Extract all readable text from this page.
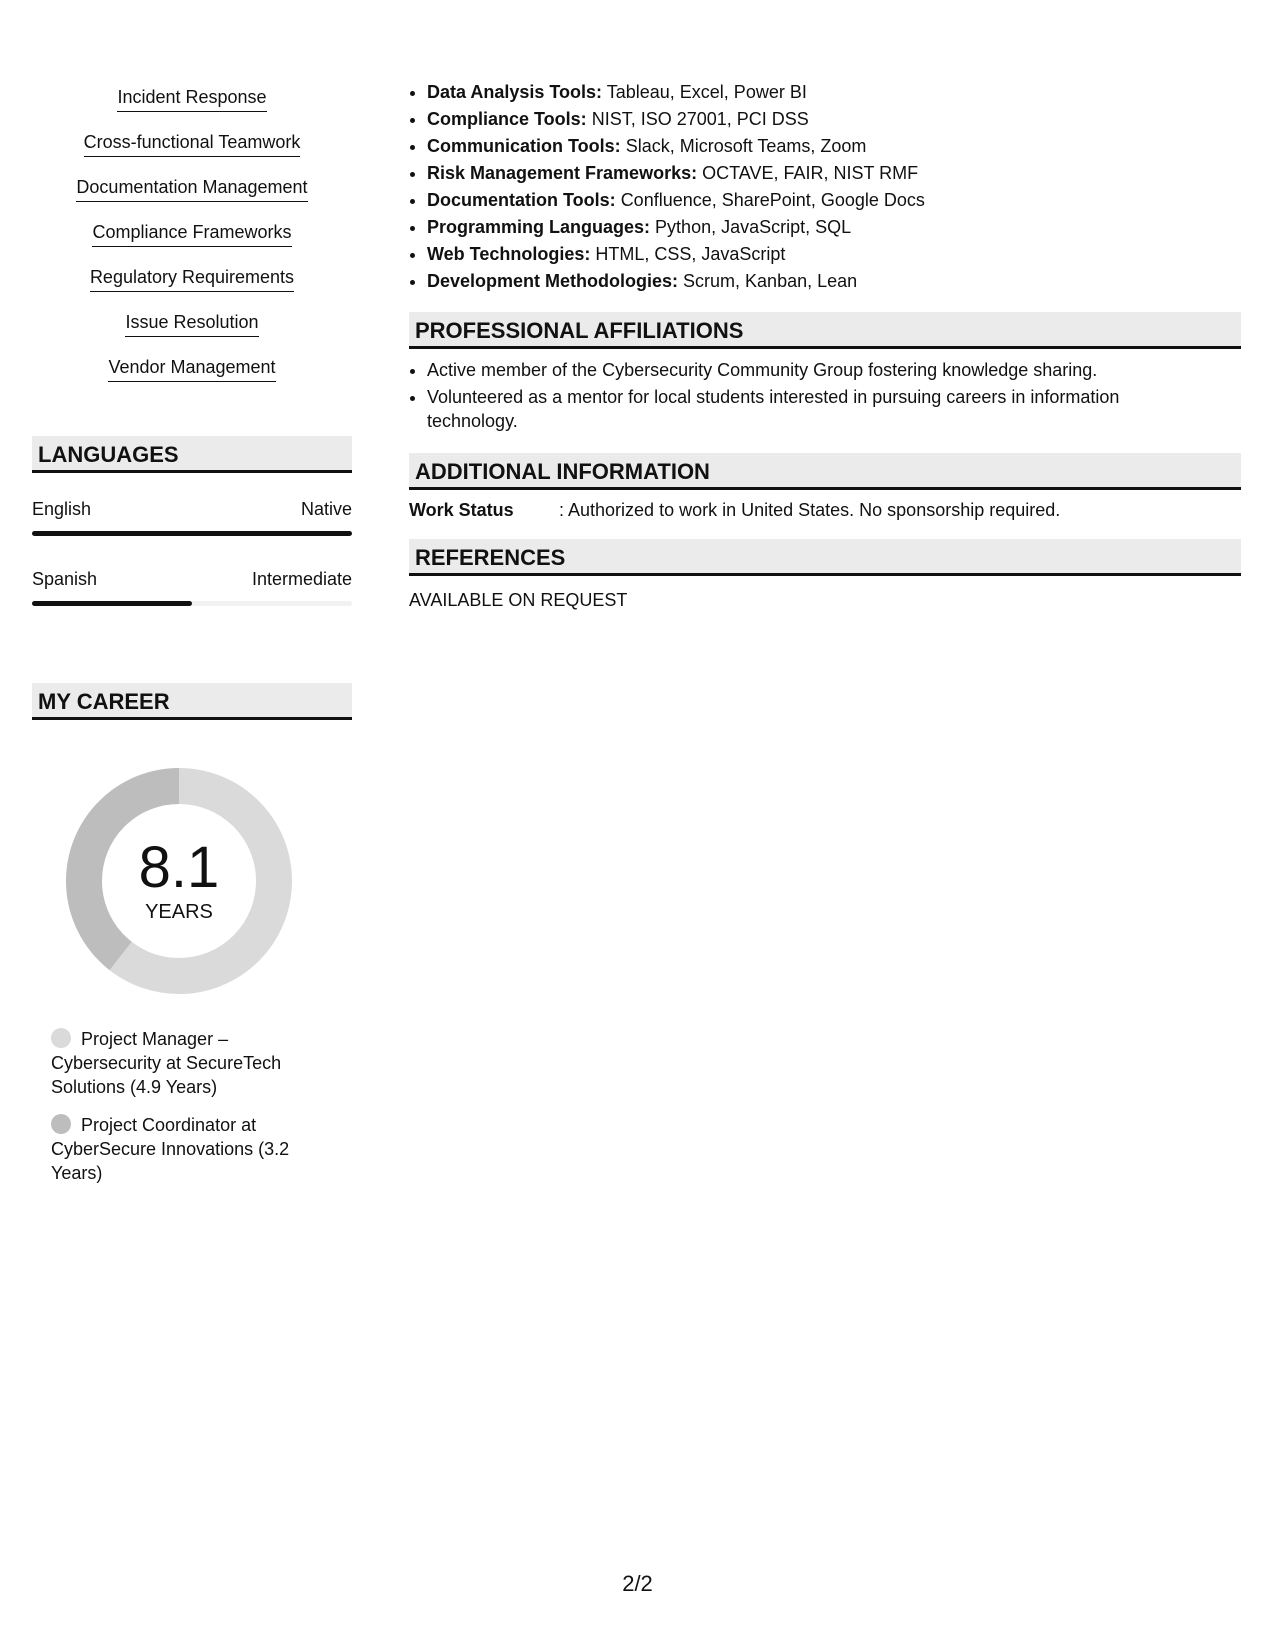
Incident Response
Cross-functional Teamwork
Documentation Management
Compliance Frameworks
Regulatory Requirements
Issue Resolution
Vendor Management
LANGUAGES
English	Native
Spanish	Intermediate
MY CAREER
8.1
YEARS
Project Manager – Cybersecurity at SecureTech Solutions (4.9 Years)
Project Coordinator at CyberSecure Innovations (3.2 Years)
• Data Analysis Tools: Tableau, Excel, Power BI
• Compliance Tools: NIST, ISO 27001, PCI DSS
• Communication Tools: Slack, Microsoft Teams, Zoom
• Risk Management Frameworks: OCTAVE, FAIR, NIST RMF
• Documentation Tools: Confluence, SharePoint, Google Docs
• Programming Languages: Python, JavaScript, SQL
• Web Technologies: HTML, CSS, JavaScript
• Development Methodologies: Scrum, Kanban, Lean
PROFESSIONAL AFFILIATIONS
• Active member of the Cybersecurity Community Group fostering knowledge sharing.
• Volunteered as a mentor for local students interested in pursuing careers in information technology.
ADDITIONAL INFORMATION
Work Status	: Authorized to work in United States. No sponsorship required.
REFERENCES
AVAILABLE ON REQUEST
2/2
